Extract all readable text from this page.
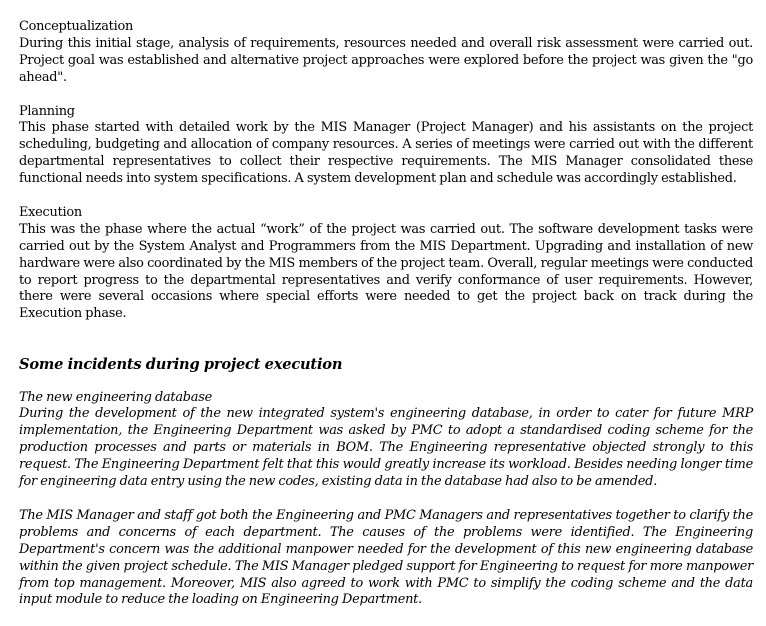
Conceptualization

During this initial stage, analysis of requirements, resources needed and overall risk assessment were carried out. Project goal was established and alternative project approaches were explored before the project was given the "go ahead".

Planning

This phase started with detailed work by the MIS Manager (Project Manager) and his assistants on the project scheduling, budgeting and allocation of company resources. A series of meetings were carried out with the different departmental representatives to collect their respective requirements. The MIS Manager consolidated these functional needs into system specifications. A system development plan and schedule was accordingly established.

Execution

This was the phase where the actual “work” of the project was carried out. The software development tasks were carried out by the System Analyst and Programmers from the MIS Department. Upgrading and installation of new hardware were also coordinated by the MIS members of the project team. Overall, regular meetings were conducted to report progress to the departmental representatives and verify conformance of user requirements. However, there were several occasions where special efforts were needed to get the project back on track during the Execution phase.

Some incidents during project execution
The new engineering database

During the development of the new integrated system's engineering database, in order to cater for future MRP implementation, the Engineering Department was asked by PMC to adopt a standardised coding scheme for the production processes and parts or materials in BOM. The Engineering representative objected strongly to this request. The Engineering Department felt that this would greatly increase its workload. Besides needing longer time for engineering data entry using the new codes, existing data in the database had also to be amended.

The MIS Manager and staff got both the Engineering and PMC Managers and representatives together to clarify the problems and concerns of each department. The causes of the problems were identified. The Engineering Department's concern was the additional manpower needed for the development of this new engineering database within the given project schedule. The MIS Manager pledged support for Engineering to request for more manpower from top management. Moreover, MIS also agreed to work with PMC to simplify the coding scheme and the data input module to reduce the loading on Engineering Department.
